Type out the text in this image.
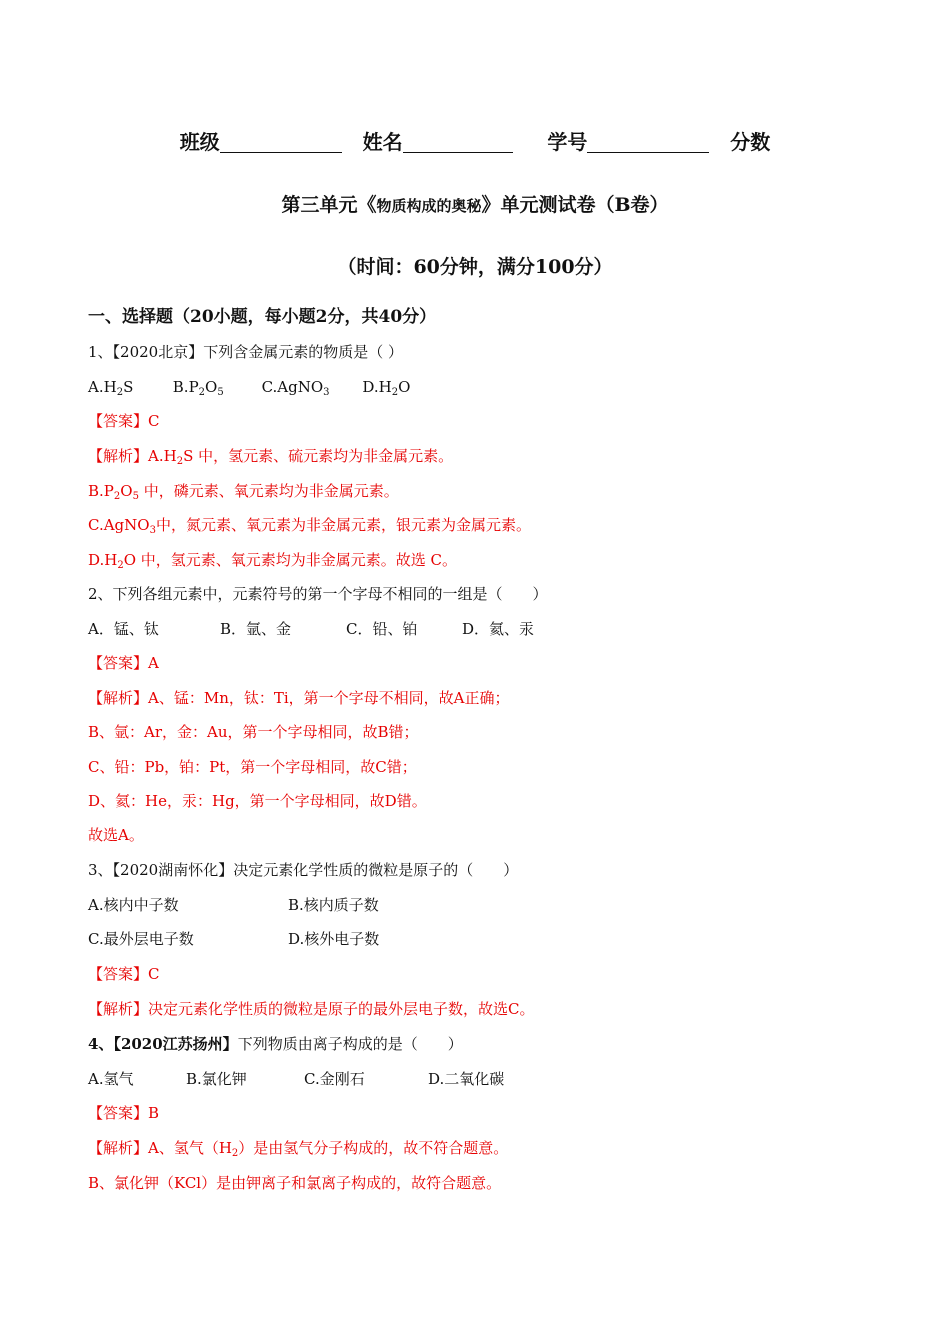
班级	姓名	学号	分数
第三单元《物质构成的奥秘》单元测试卷（B卷）
（时间：60分钟，满分100分）
一、选择题（20小题，每小题2分，共40分）
1、【2020北京】下列含金属元素的物质是（ ）
$A.H_2S$	$B.P_2O_5$	C.AgNO$_3$ $D.H_2O$
【答案】C
【解析】$A.H_2S$ 中，氢元素、硫元素均为非金属元素。
$B.P_2O_5$ 中，磷元素、氧元素均为非金属元素。
C.AgNO$_3$中，氮元素、氧元素为非金属元素，银元素为金属元素。
$D.H_2O$ 中，氢元素、氧元素均为非金属元素。故选 C。
2、下列各组元素中，元素符号的第一个字母不相同的一组是（　　）
A．锰、钛	B．氩、金	C．铅、铂	D．氦、汞
【答案】A
【解析】A、锰：Mn，钛：Ti，第一个字母不相同，故A正确；
B、氩：Ar，金：Au，第一个字母相同，故B错；
C、铅：Pb，铂：Pt，第一个字母相同，故C错；
D、氦：He，汞：Hg，第一个字母相同，故D错。
故选A。
3、【2020湖南怀化】决定元素化学性质的微粒是原子的（　　）
A.核内中子数	B.核内质子数
C.最外层电子数	D.核外电子数
【答案】C
【解析】决定元素化学性质的微粒是原子的最外层电子数，故选C。
4、【2020江苏扬州】下列物质由离子构成的是（　　）
A.氢气	B.氯化钾	C.金刚石	D.二氧化碳
【答案】B
【解析】A、氢气$(H_2)$是由氢气分子构成的，故不符合题意。
B、氯化钾（KCl）是由钾离子和氯离子构成的，故符合题意。
